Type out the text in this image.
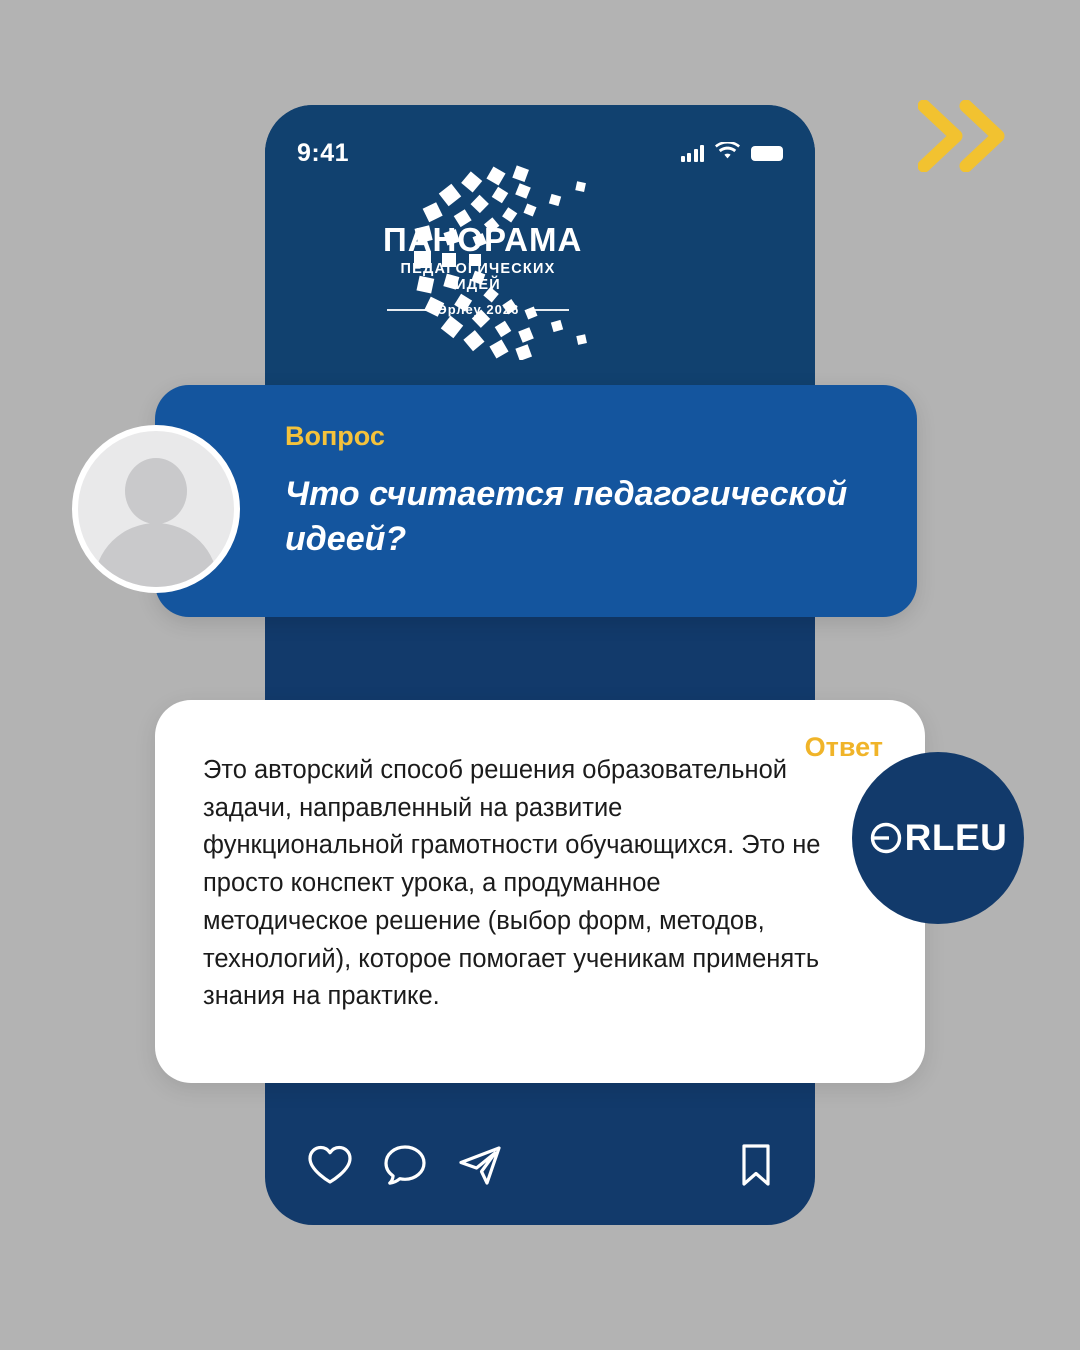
9:41
ПАНОРАМА
ПЕДАГОГИЧЕСКИХ ИДЕЙ
Өрлеу 2026
Вопрос
Что считается педагогической идеей?
Ответ
Это авторский способ решения образовательной задачи, направленный на развитие функциональной грамотности обучающихся. Это не просто конспект урока, а продуманное методическое решение (выбор форм, методов, технологий), которое помогает ученикам применять знания на практике.
RLEU
